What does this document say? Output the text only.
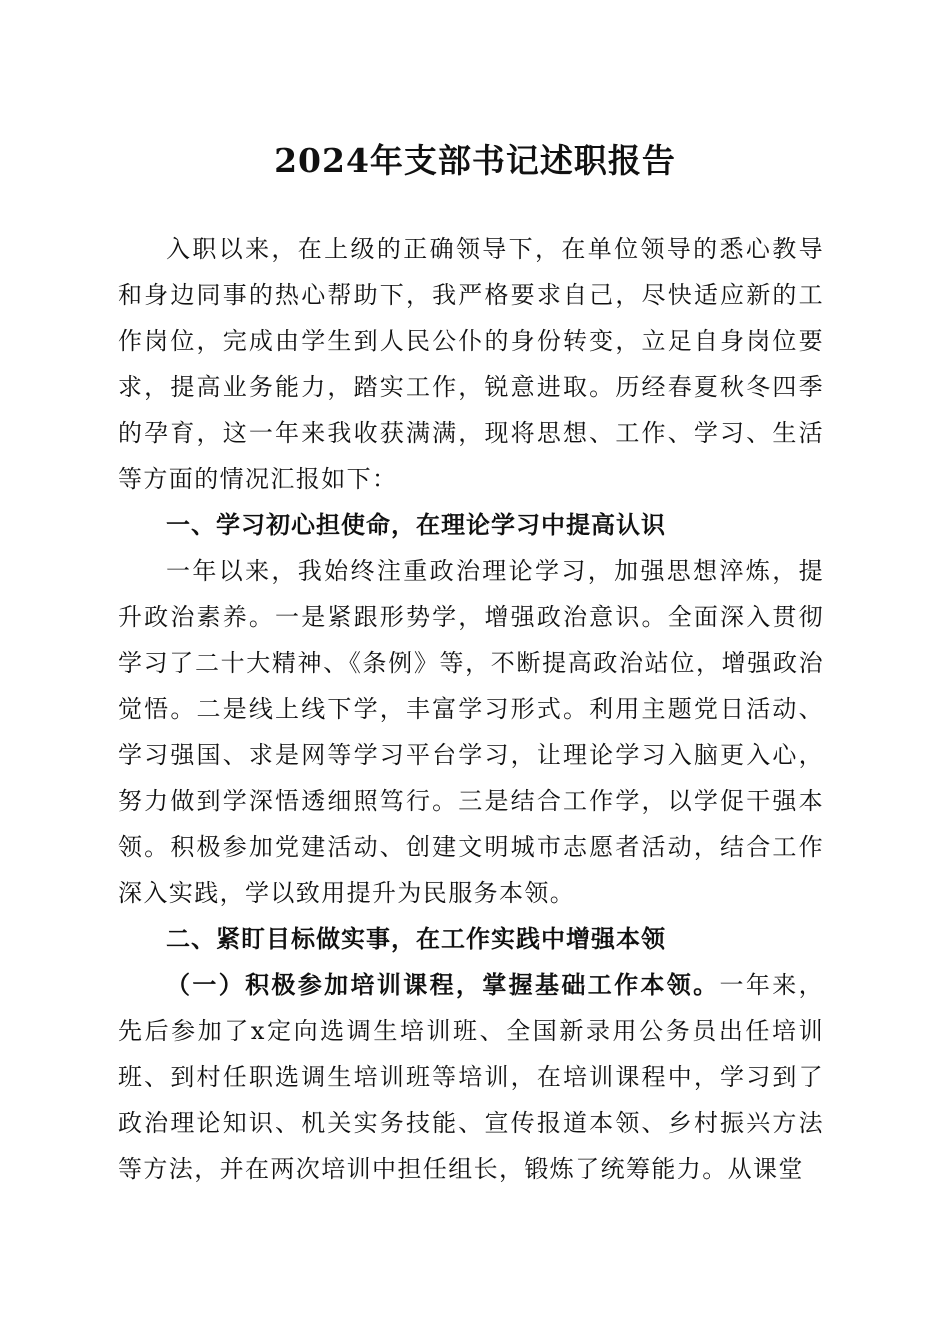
2024年支部书记述职报告

入职以来，在上级的正确领导下，在单位领导的悉心教导和身边同事的热心帮助下，我严格要求自己，尽快适应新的工作岗位，完成由学生到人民公仆的身份转变，立足自身岗位要求，提高业务能力，踏实工作，锐意进取。历经春夏秋冬四季的孕育，这一年来我收获满满，现将思想、工作、学习、生活等方面的情况汇报如下：

一、学习初心担使命，在理论学习中提高认识

一年以来，我始终注重政治理论学习，加强思想淬炼，提升政治素养。一是紧跟形势学，增强政治意识。全面深入贯彻学习了二十大精神、《条例》等，不断提高政治站位，增强政治觉悟。二是线上线下学，丰富学习形式。利用主题党日活动、学习强国、求是网等学习平台学习，让理论学习入脑更入心，努力做到学深悟透细照笃行。三是结合工作学，以学促干强本领。积极参加党建活动、创建文明城市志愿者活动，结合工作深入实践，学以致用提升为民服务本领。

二、紧盯目标做实事，在工作实践中增强本领

（一）积极参加培训课程，掌握基础工作本领。一年来，先后参加了x定向选调生培训班、全国新录用公务员出任培训班、到村任职选调生培训班等培训，在培训课程中，学习到了政治理论知识、机关实务技能、宣传报道本领、乡村振兴方法等方法，并在两次培训中担任组长，锻炼了统筹能力。从课堂
